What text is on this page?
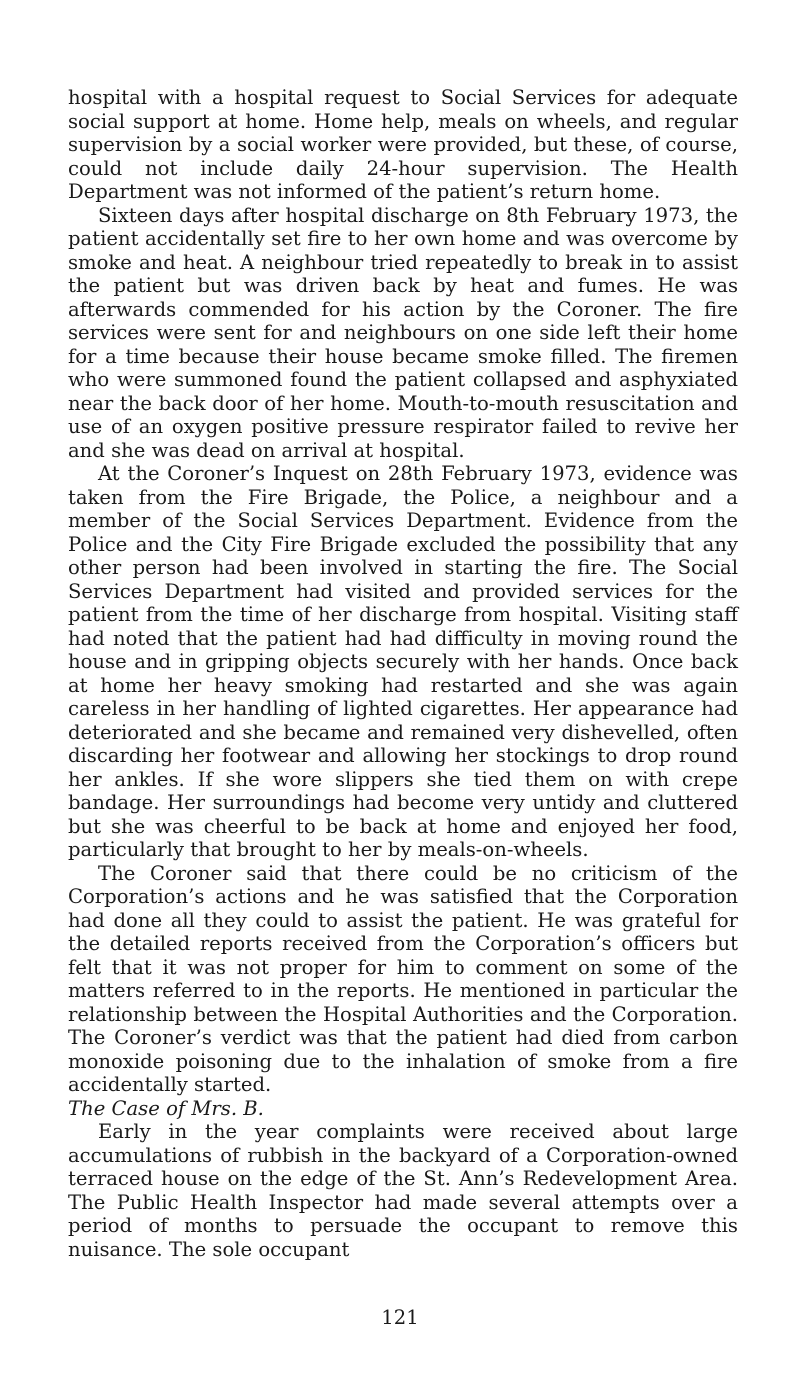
hospital with a hospital request to Social Services for adequate social support at home. Home help, meals on wheels, and regular supervision by a social worker were provided, but these, of course, could not include daily 24-hour supervision. The Health Department was not informed of the patient’s return home.

Sixteen days after hospital discharge on 8th February 1973, the patient accidentally set fire to her own home and was overcome by smoke and heat. A neighbour tried repeatedly to break in to assist the patient but was driven back by heat and fumes. He was afterwards commended for his action by the Coroner. The fire services were sent for and neighbours on one side left their home for a time because their house became smoke filled. The firemen who were summoned found the patient collapsed and asphyxiated near the back door of her home. Mouth-to-mouth resuscitation and use of an oxygen positive pressure respirator failed to revive her and she was dead on arrival at hospital.

At the Coroner’s Inquest on 28th February 1973, evidence was taken from the Fire Brigade, the Police, a neighbour and a member of the Social Services Department. Evidence from the Police and the City Fire Brigade excluded the possibility that any other person had been involved in starting the fire. The Social Services Department had visited and provided services for the patient from the time of her discharge from hospital. Visiting staff had noted that the patient had had difficulty in moving round the house and in gripping objects securely with her hands. Once back at home her heavy smoking had restarted and she was again careless in her handling of lighted cigarettes. Her appearance had deteriorated and she became and remained very dishevelled, often discarding her footwear and allowing her stockings to drop round her ankles. If she wore slippers she tied them on with crepe bandage. Her surroundings had become very untidy and cluttered but she was cheerful to be back at home and enjoyed her food, particularly that brought to her by meals-on-wheels.

The Coroner said that there could be no criticism of the Corporation’s actions and he was satisfied that the Corporation had done all they could to assist the patient. He was grateful for the detailed reports received from the Corporation’s officers but felt that it was not proper for him to comment on some of the matters referred to in the reports. He mentioned in particular the relationship between the Hospital Authorities and the Corporation. The Coroner’s verdict was that the patient had died from carbon monoxide poisoning due to the inhalation of smoke from a fire accidentally started.

The Case of Mrs. B.

Early in the year complaints were received about large accumulations of rubbish in the backyard of a Corporation-owned terraced house on the edge of the St. Ann’s Redevelopment Area. The Public Health Inspector had made several attempts over a period of months to persuade the occupant to remove this nuisance. The sole occupant

121
